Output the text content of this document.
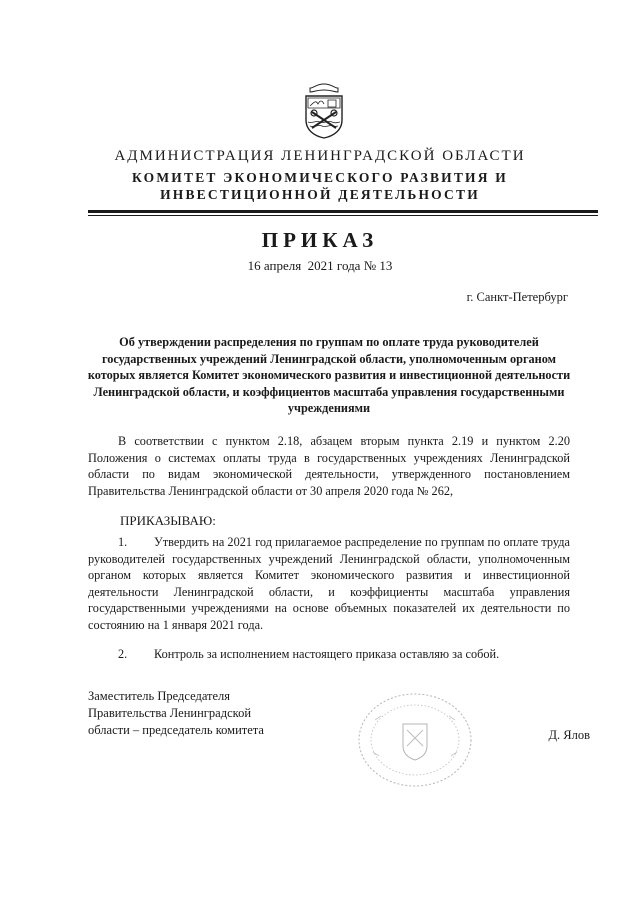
АДМИНИСТРАЦИЯ ЛЕНИНГРАДСКОЙ ОБЛАСТИ
КОМИТЕТ ЭКОНОМИЧЕСКОГО РАЗВИТИЯ И
ИНВЕСТИЦИОННОЙ ДЕЯТЕЛЬНОСТИ
ПРИКАЗ
16 апреля  2021 года № 13
г. Санкт-Петербург
Об утверждении распределения по группам по оплате труда руководителей государственных учреждений Ленинградской области, уполномоченным органом которых является Комитет экономического развития и инвестиционной деятельности Ленинградской области, и коэффициентов масштаба управления государственными учреждениями
В соответствии с пунктом 2.18, абзацем вторым пункта 2.19 и пунктом 2.20 Положения о системах оплаты труда в государственных учреждениях Ленинградской области по видам экономической деятельности, утвержденного постановлением Правительства Ленинградской области от 30 апреля 2020 года № 262,
ПРИКАЗЫВАЮ:
1. Утвердить на 2021 год прилагаемое распределение по группам по оплате труда руководителей государственных учреждений Ленинградской области, уполномоченным органом которых является Комитет экономического развития и инвестиционной деятельности Ленинградской области, и коэффициенты масштаба управления государственными учреждениями на основе объемных показателей их деятельности по состоянию на 1 января 2021 года.
2. Контроль за исполнением настоящего приказа оставляю за собой.
Заместитель Председателя
Правительства Ленинградской
области – председатель комитета	Д. Ялов
